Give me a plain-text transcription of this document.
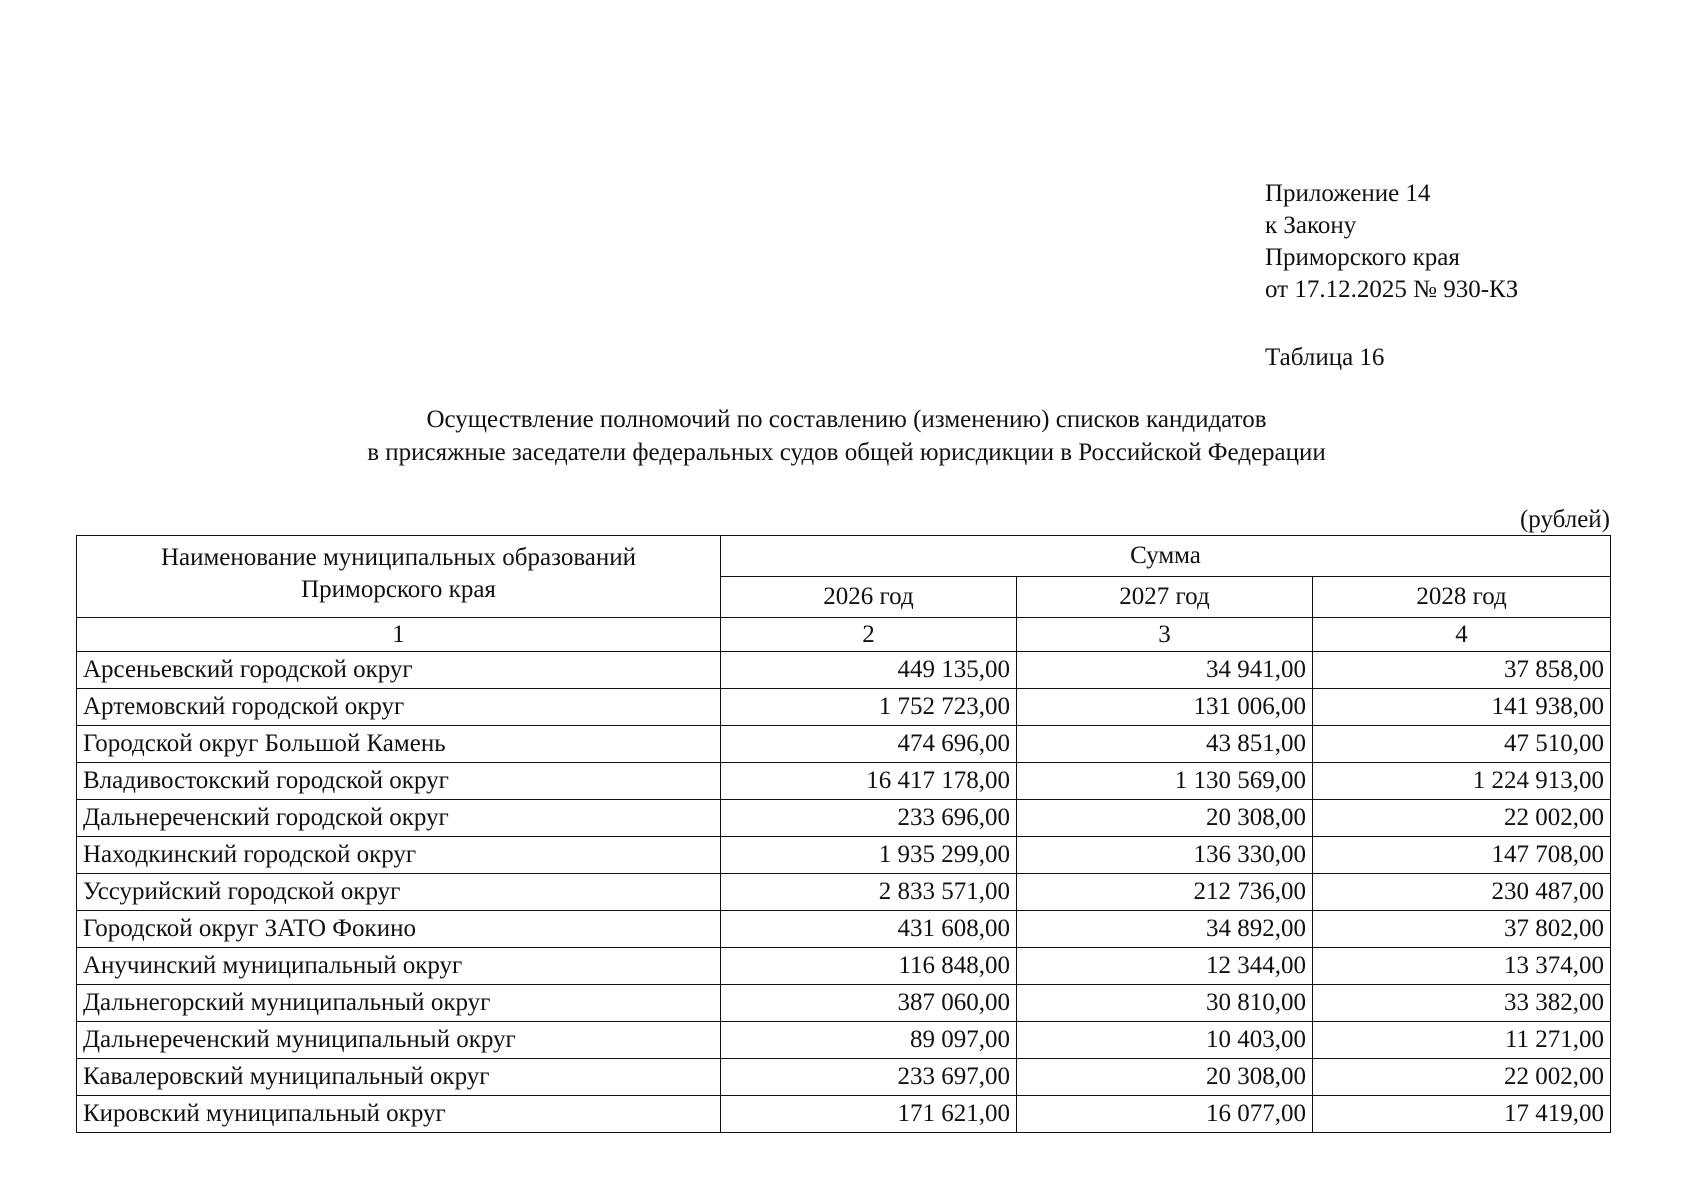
Приложение 14
к Закону
Приморского края
от 17.12.2025 № 930-КЗ
Таблица 16
Осуществление полномочий по составлению (изменению) списков кандидатов
в присяжные заседатели федеральных судов общей юрисдикции в Российской Федерации
(рублей)
Наименование муниципальных образований
Приморского края	Сумма		
	2026 год	2027 год	2028 год
1	2	3	4
Арсеньевский городской округ	449 135,00	34 941,00	37 858,00
Артемовский городской округ	1 752 723,00	131 006,00	141 938,00
Городской округ Большой Камень	474 696,00	43 851,00	47 510,00
Владивостокский городской округ	16 417 178,00	1 130 569,00	1 224 913,00
Дальнереченский городской округ	233 696,00	20 308,00	22 002,00
Находкинский городской округ	1 935 299,00	136 330,00	147 708,00
Уссурийский городской округ	2 833 571,00	212 736,00	230 487,00
Городской округ ЗАТО Фокино	431 608,00	34 892,00	37 802,00
Анучинский муниципальный округ	116 848,00	12 344,00	13 374,00
Дальнегорский муниципальный округ	387 060,00	30 810,00	33 382,00
Дальнереченский муниципальный округ	89 097,00	10 403,00	11 271,00
Кавалеровский муниципальный округ	233 697,00	20 308,00	22 002,00
Кировский муниципальный округ	171 621,00	16 077,00	17 419,00
